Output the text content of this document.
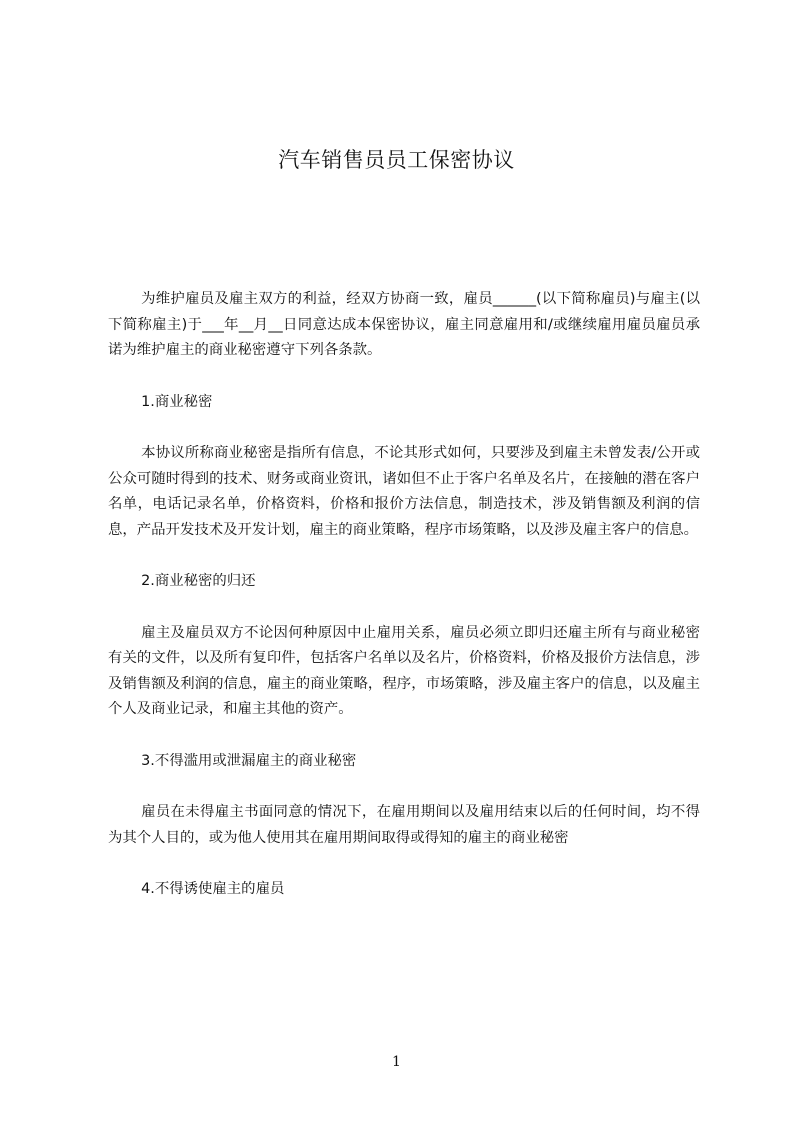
汽车销售员员工保密协议

为维护雇员及雇主双方的利益，经双方协商一致，雇员______(以下简称雇员)与雇主(以下简称雇主)于___年__月__日同意达成本保密协议，雇主同意雇用和/或继续雇用雇员雇员承诺为维护雇主的商业秘密遵守下列各条款。

1.商业秘密

本协议所称商业秘密是指所有信息，不论其形式如何，只要涉及到雇主未曾发表/公开或公众可随时得到的技术、财务或商业资讯，诸如但不止于客户名单及名片，在接触的潜在客户名单，电话记录名单，价格资料，价格和报价方法信息，制造技术，涉及销售额及利润的信息，产品开发技术及开发计划，雇主的商业策略，程序市场策略，以及涉及雇主客户的信息。

2.商业秘密的归还

雇主及雇员双方不论因何种原因中止雇用关系，雇员必须立即归还雇主所有与商业秘密有关的文件，以及所有复印件，包括客户名单以及名片，价格资料，价格及报价方法信息，涉及销售额及利润的信息，雇主的商业策略，程序，市场策略，涉及雇主客户的信息，以及雇主个人及商业记录，和雇主其他的资产。

3.不得滥用或泄漏雇主的商业秘密

雇员在未得雇主书面同意的情况下，在雇用期间以及雇用结束以后的任何时间，均不得为其个人目的，或为他人使用其在雇用期间取得或得知的雇主的商业秘密

4.不得诱使雇主的雇员

1
